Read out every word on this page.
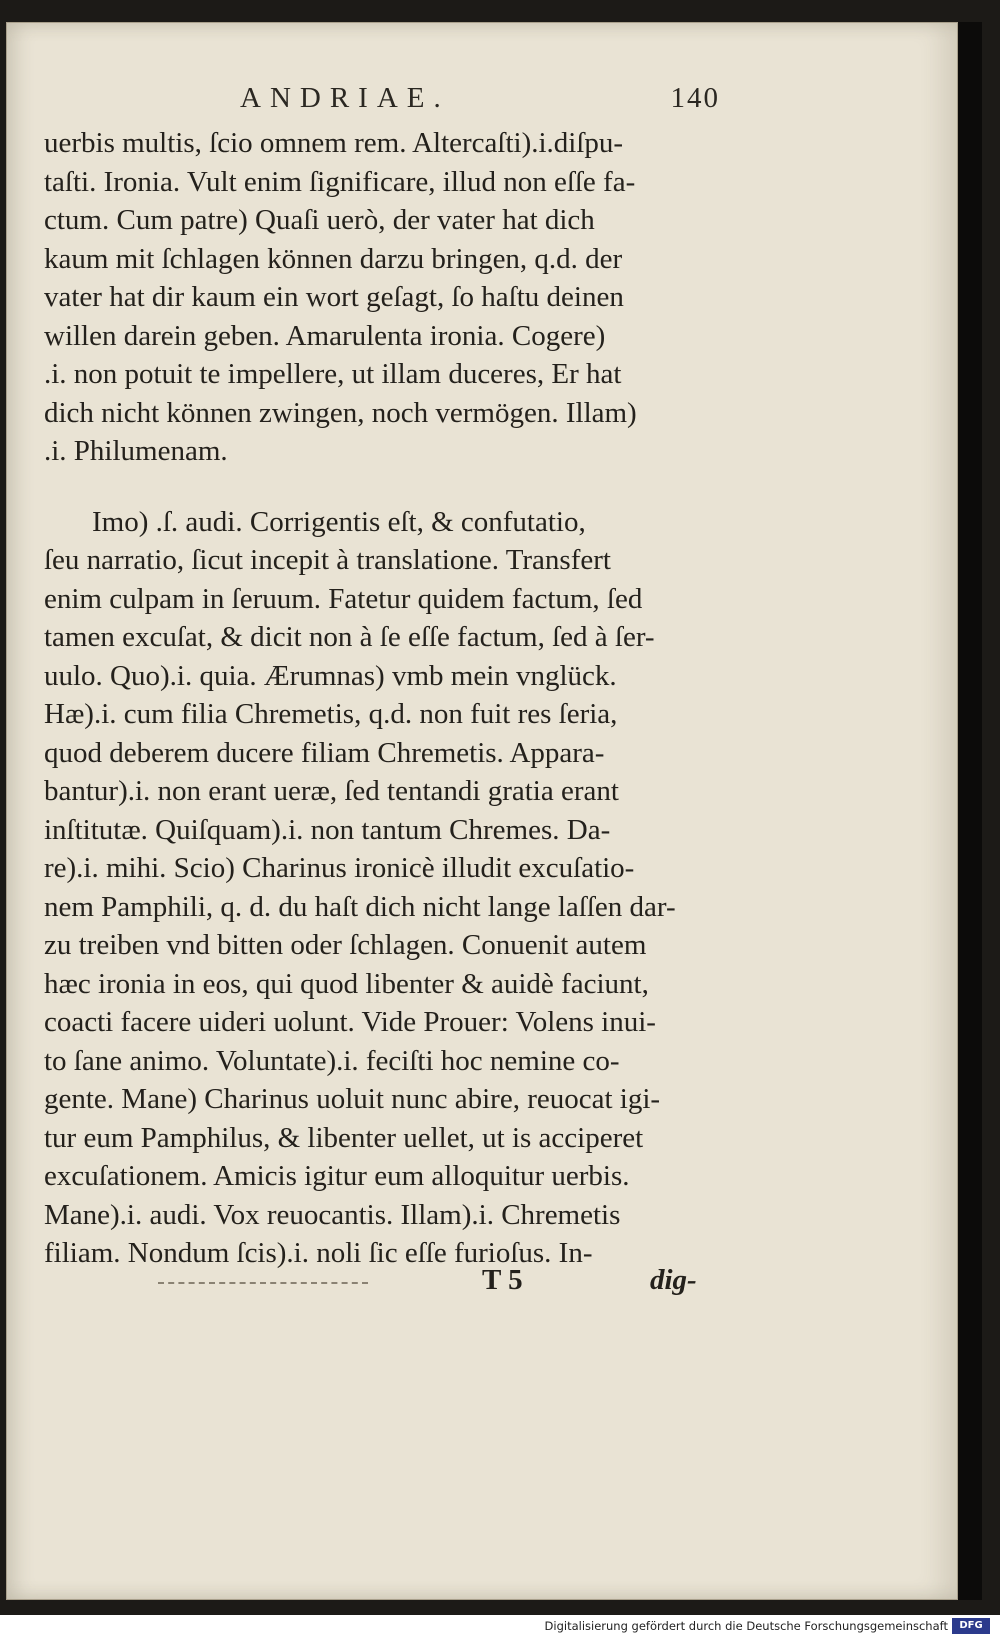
ANDRIAE.	140
uerbis multis, ſcio omnem rem. Altercaſti).i.diſpu-
taſti. Ironia. Vult enim ſignificare, illud non eſſe fa-
ctum. Cum patre) Quaſi uerò, der vater hat dich
kaum mit ſchlagen können darzu bringen, q.d. der
vater hat dir kaum ein wort geſagt, ſo haſtu deinen
willen darein geben. Amarulenta ironia. Cogere)
.i. non potuit te impellere, ut illam duceres, Er hat
dich nicht können zwingen, noch vermögen. Illam)
.i. Philumenam.
Imo) .ſ. audi. Corrigentis eſt, & confutatio,
ſeu narratio, ſicut incepit à translatione. Transfert
enim culpam in ſeruum. Fatetur quidem factum, ſed
tamen excuſat, & dicit non à ſe eſſe factum, ſed à ſer-
uulo. Quo).i. quia. Ærumnas) vmb mein vnglück.
Hæ).i. cum filia Chremetis, q.d. non fuit res ſeria,
quod deberem ducere filiam Chremetis. Appara-
bantur).i. non erant ueræ, ſed tentandi gratia erant
inſtitutæ. Quiſquam).i. non tantum Chremes. Da-
re).i. mihi. Scio) Charinus ironicè illudit excuſatio-
nem Pamphili, q. d. du haſt dich nicht lange laſſen dar-
zu treiben vnd bitten oder ſchlagen. Conuenit autem
hæc ironia in eos, qui quod libenter & auidè faciunt,
coacti facere uideri uolunt. Vide Prouer: Volens inui-
to ſane animo. Voluntate).i. feciſti hoc nemine co-
gente. Mane) Charinus uoluit nunc abire, reuocat igi-
tur eum Pamphilus, & libenter uellet, ut is acciperet
excuſationem. Amicis igitur eum alloquitur uerbis.
Mane).i. audi. Vox reuocantis. Illam).i. Chremetis
filiam. Nondum ſcis).i. noli ſic eſſe furioſus. In-
T 5	dig-
Digitalisierung gefördert durch die Deutsche Forschungsgemeinschaft	DFG
